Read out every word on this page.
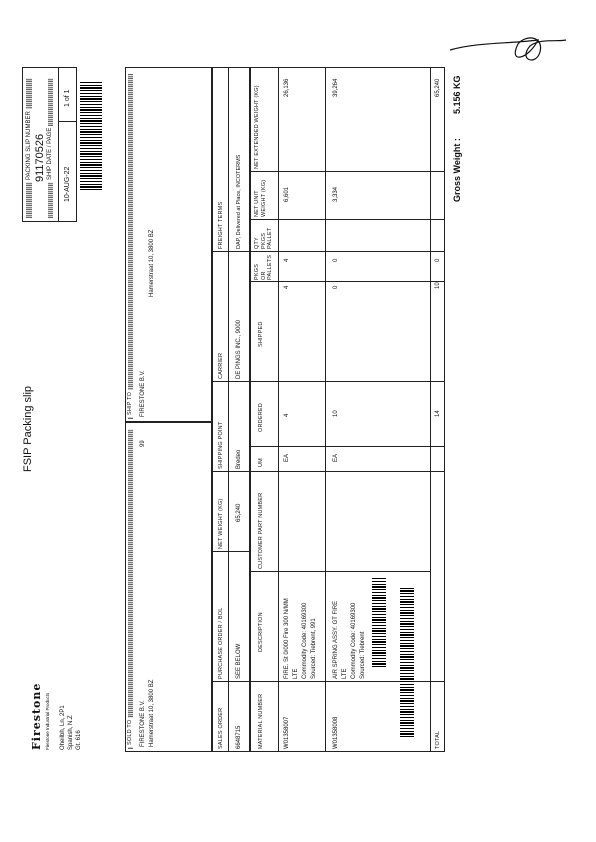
Firestone Firestone Industrial Products Oheilbh, Ln, 2P1 Spanish, N.Z Gt. 616
FSIP Packing slip
PACKING SLIP NUMBER 91170526 SHIP DATE / PAGE
10-AUG-22
1 of 1
SOLD TO FIRESTONE B.V. Hamerstraat 10, 3800 BZ
99
SHIP TO FIRESTONE B.V.
Hamerstraat 10, 3800 BZ
SALES ORDER
PURCHASE ORDER / BOL
NET WEIGHT (KG)
SHIPPING POINT
CARRIER
FREIGHT TERMS
6648715
SEE BELOW
65,240
Bredeo
DE PINGS INC., 9000
DAP, Delivered at Place, INCOTERMS
MATERIAL NUMBER
DESCRIPTION
CUSTOMER PART NUMBER
UM
ORDERED
SHIPPED
PKGS OR PALLETS
QTY PKGS PALLET
NET UNIT WEIGHT (KG)
NET EXTENDED WEIGHT (KG)
W01358007
FIRE. St 0/000 Fire 300 N/MM LTE Commodity Code: 40169300 Sourced: Tiebrent, 991
EA
4
4
4
6,601
26,136
W01358008
AIR SPRING ASSY. GT FIRE LTE Commodity Code: 40169300 Sourced: Tiebrent
EA
10
0
0
3,334
39,264
TOTAL
14
10
0
65,240
Gross Weight :
5.156 KG
